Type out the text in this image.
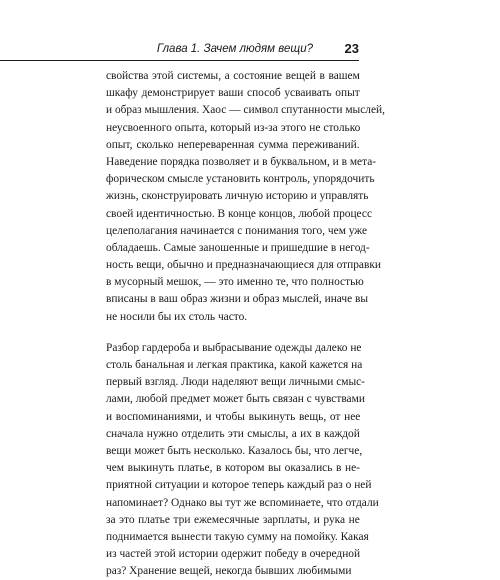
Глава 1. Зачем людям вещи? 23

свойства этой системы, а состояние вещей в вашем
шкафу демонстрирует ваши способ усваивать опыт
и образ мышления. Хаос — символ спутанности мыслей,
неусвоенного опыта, который из-за этого не столько
опыт, сколько непереваренная сумма переживаний.
Наведение порядка позволяет и в буквальном, и в мета-
форическом смысле установить контроль, упорядочить
жизнь, сконструировать личную историю и управлять
своей идентичностью. В конце концов, любой процесс
целеполагания начинается с понимания того, чем уже
обладаешь. Самые заношенные и пришедшие в негод-
ность вещи, обычно и предназначающиеся для отправки
в мусорный мешок, — это именно те, что полностью
вписаны в ваш образ жизни и образ мыслей, иначе вы
не носили бы их столь часто.

Разбор гардероба и выбрасывание одежды далеко не
столь банальная и легкая практика, какой кажется на
первый взгляд. Люди наделяют вещи личными смыс-
лами, любой предмет может быть связан с чувствами
и воспоминаниями, и чтобы выкинуть вещь, от нее
сначала нужно отделить эти смыслы, а их в каждой
вещи может быть несколько. Казалось бы, что легче,
чем выкинуть платье, в котором вы оказались в не-
приятной ситуации и которое теперь каждый раз о ней
напоминает? Однако вы тут же вспоминаете, что отдали
за это платье три ежемесячные зарплаты, и рука не
поднимается вынести такую сумму на помойку. Какая
из частей этой истории одержит победу в очередной
раз? Хранение вещей, некогда бывших любимыми
